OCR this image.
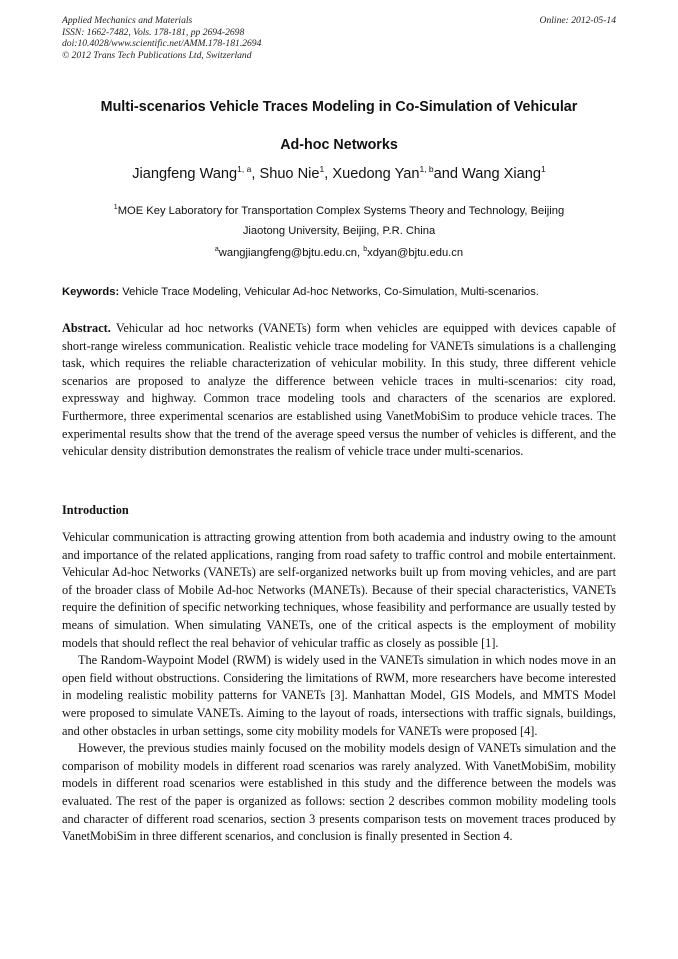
Applied Mechanics and Materials
ISSN: 1662-7482, Vols. 178-181, pp 2694-2698
doi:10.4028/www.scientific.net/AMM.178-181.2694
© 2012 Trans Tech Publications Ltd, Switzerland
Online: 2012-05-14
Multi-scenarios Vehicle Traces Modeling in Co-Simulation of Vehicular
Ad-hoc Networks
Jiangfeng Wang$^{1, a}$, Shuo Nie$^1$, Xuedong Yan$^{1, b}$and Wang Xiang$^1$
$^1$MOE Key Laboratory for Transportation Complex Systems Theory and Technology, Beijing
Jiaotong University, Beijing, P.R. China
$^a$wangjiangfeng@bjtu.edu.cn, $^b$xdyan@bjtu.edu.cn
Keywords: Vehicle Trace Modeling, Vehicular Ad-hoc Networks, Co-Simulation, Multi-scenarios.
Abstract. Vehicular ad hoc networks (VANETs) form when vehicles are equipped with devices capable of short-range wireless communication. Realistic vehicle trace modeling for VANETs simulations is a challenging task, which requires the reliable characterization of vehicular mobility. In this study, three different vehicle scenarios are proposed to analyze the difference between vehicle traces in multi-scenarios: city road, expressway and highway. Common trace modeling tools and characters of the scenarios are explored. Furthermore, three experimental scenarios are established using VanetMobiSim to produce vehicle traces. The experimental results show that the trend of the average speed versus the number of vehicles is different, and the vehicular density distribution demonstrates the realism of vehicle trace under multi-scenarios.
Introduction

Vehicular communication is attracting growing attention from both academia and industry owing to the amount and importance of the related applications, ranging from road safety to traffic control and mobile entertainment. Vehicular Ad-hoc Networks (VANETs) are self-organized networks built up from moving vehicles, and are part of the broader class of Mobile Ad-hoc Networks (MANETs). Because of their special characteristics, VANETs require the definition of specific networking techniques, whose feasibility and performance are usually tested by means of simulation. When simulating VANETs, one of the critical aspects is the employment of mobility models that should reflect the real behavior of vehicular traffic as closely as possible [1].

The Random-Waypoint Model (RWM) is widely used in the VANETs simulation in which nodes move in an open field without obstructions. Considering the limitations of RWM, more researchers have become interested in modeling realistic mobility patterns for VANETs [3]. Manhattan Model, GIS Models, and MMTS Model were proposed to simulate VANETs. Aiming to the layout of roads, intersections with traffic signals, buildings, and other obstacles in urban settings, some city mobility models for VANETs were proposed [4].

However, the previous studies mainly focused on the mobility models design of VANETs simulation and the comparison of mobility models in different road scenarios was rarely analyzed. With VanetMobiSim, mobility models in different road scenarios were established in this study and the difference between the models was evaluated. The rest of the paper is organized as follows: section 2 describes common mobility modeling tools and character of different road scenarios, section 3 presents comparison tests on movement traces produced by VanetMobiSim in three different scenarios, and conclusion is finally presented in Section 4.
